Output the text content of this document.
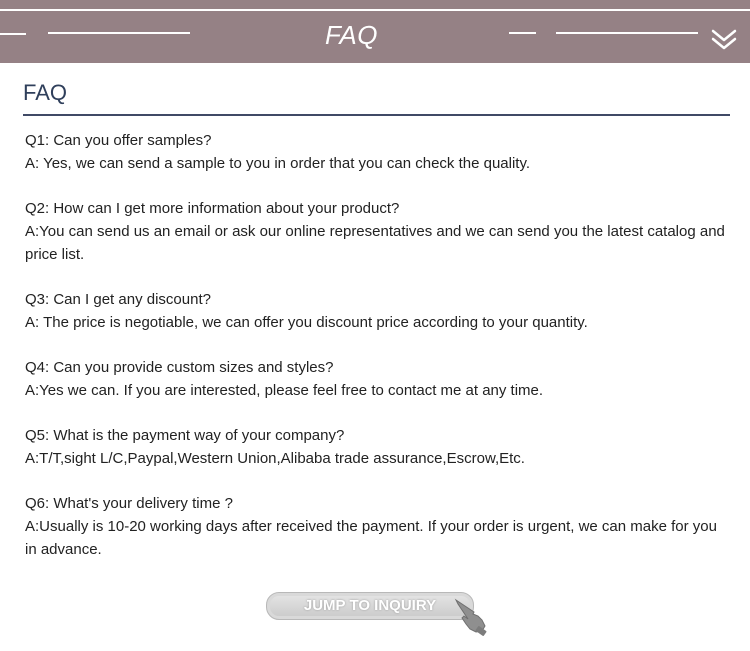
FAQ
FAQ

Q1: Can you offer samples?

A: Yes, we can send a sample to you in order that you can check the quality.

Q2: How can I get more information about your product?

A:You can send us an email or ask our online representatives and we can send you the latest catalog and price list.

Q3: Can I get any discount?

A: The price is negotiable, we can offer you discount price according to your quantity.

Q4: Can you provide custom sizes and styles?

A:Yes we can. If you are interested, please feel free to contact me at any time.

Q5: What is the payment way of your company?

A:T/T,sight L/C,Paypal,Western Union,Alibaba trade assurance,Escrow,Etc.

Q6: What's your delivery time ?

A:Usually is 10-20 working days after received the payment. If your order is urgent, we can make for you in advance.

JUMP TO INQUIRY
